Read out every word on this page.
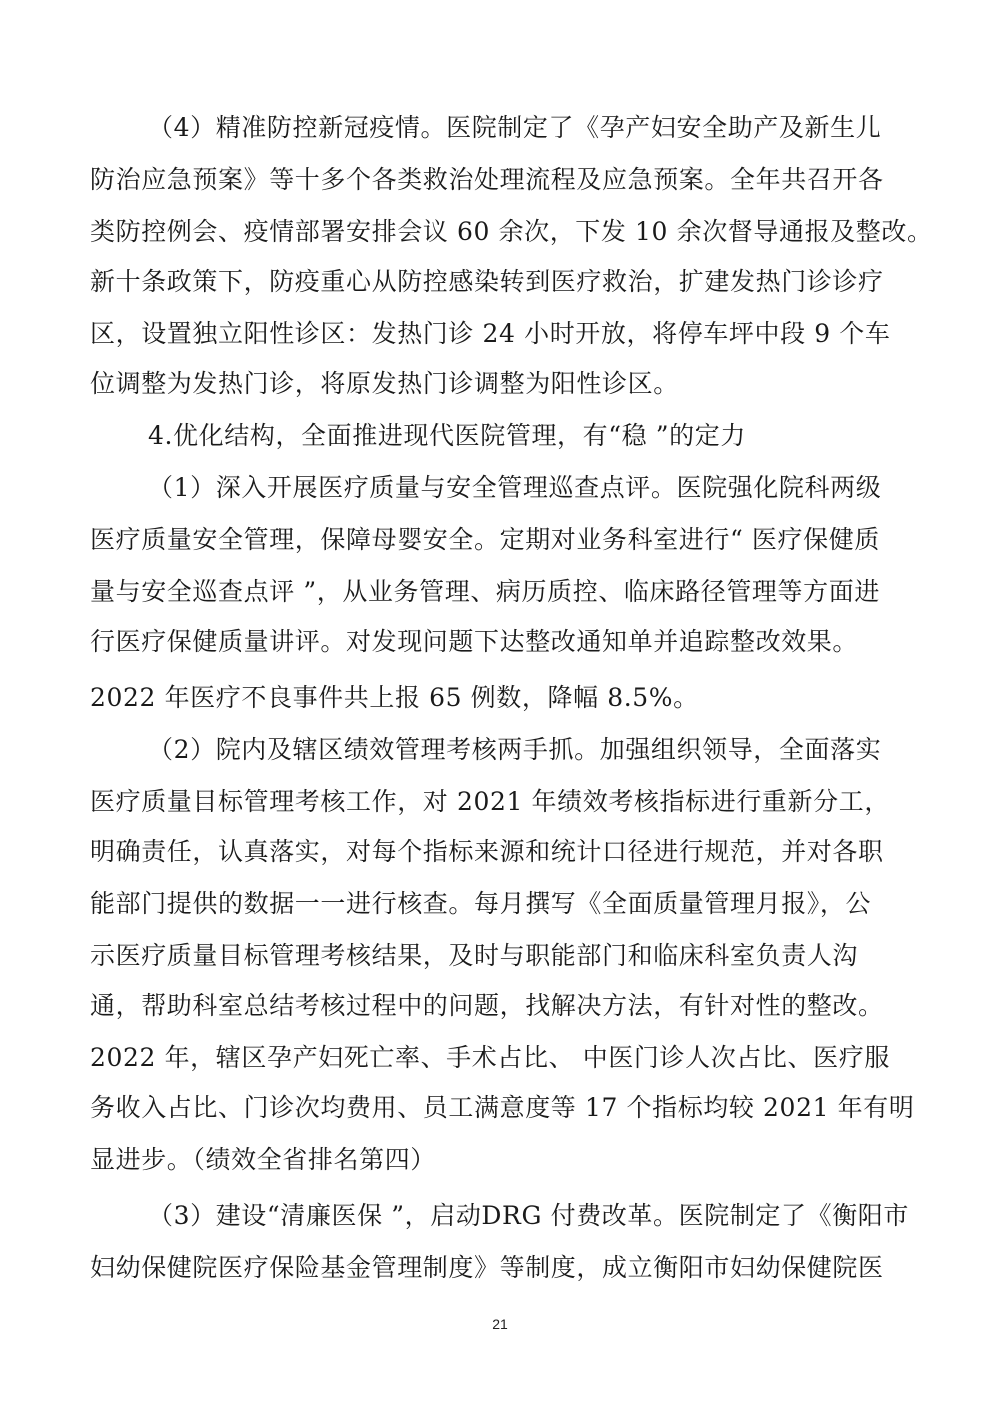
（4）精准防控新冠疫情。医院制定了《孕产妇安全助产及新生儿
防治应急预案》等十多个各类救治处理流程及应急预案。全年共召开各
类防控例会、疫情部署安排会议 60 余次，下发 10 余次督导通报及整改。
新十条政策下，防疫重心从防控感染转到医疗救治，扩建发热门诊诊疗
区，设置独立阳性诊区：发热门诊 24 小时开放，将停车坪中段 9 个车
位调整为发热门诊，将原发热门诊调整为阳性诊区。
4.优化结构，全面推进现代医院管理，有“稳 ”的定力
（1）深入开展医疗质量与安全管理巡查点评。医院强化院科两级
医疗质量安全管理，保障母婴安全。定期对业务科室进行“ 医疗保健质
量与安全巡查点评 ”，从业务管理、病历质控、临床路径管理等方面进
行医疗保健质量讲评。对发现问题下达整改通知单并追踪整改效果。
2022 年医疗不良事件共上报 65 例数，降幅 8.5%。
（2）院内及辖区绩效管理考核两手抓。加强组织领导，全面落实
医疗质量目标管理考核工作，对 2021 年绩效考核指标进行重新分工，
明确责任，认真落实，对每个指标来源和统计口径进行规范，并对各职
能部门提供的数据一一进行核查。每月撰写《全面质量管理月报》，公
示医疗质量目标管理考核结果，及时与职能部门和临床科室负责人沟
通，帮助科室总结考核过程中的问题，找解决方法，有针对性的整改。
2022 年，辖区孕产妇死亡率、手术占比、 中医门诊人次占比、医疗服
务收入占比、门诊次均费用、员工满意度等 17 个指标均较 2021 年有明
显进步。（绩效全省排名第四）
（3）建设“清廉医保 ”，启动DRG 付费改革。医院制定了《衡阳市
妇幼保健院医疗保险基金管理制度》等制度，成立衡阳市妇幼保健院医
21
